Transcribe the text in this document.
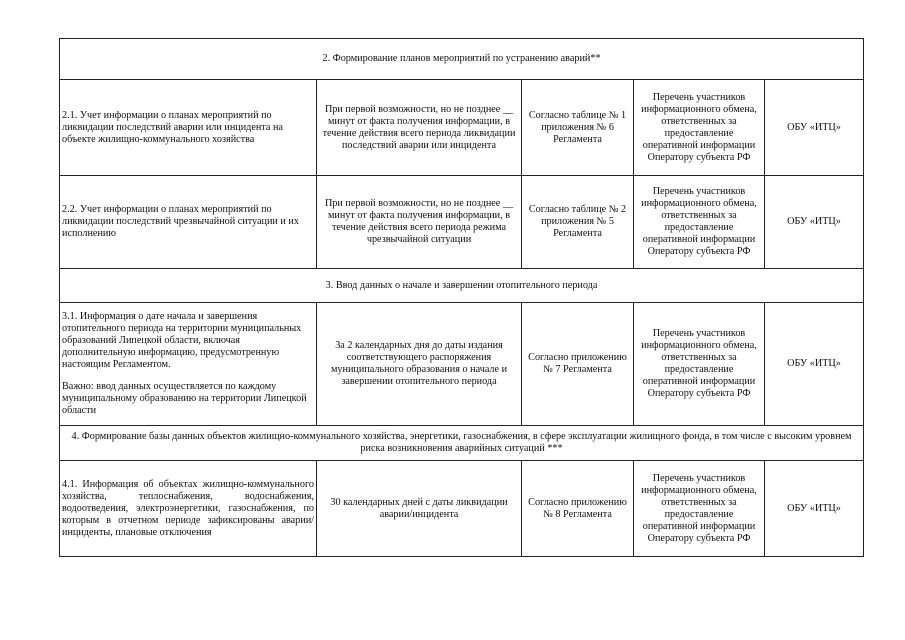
2. Формирование планов мероприятий по устранению аварий**				

2.1. Учет информации о планах мероприятий по ликвидации последствий аварии или инцидента на объекте жилищно-коммунального хозяйства	При первой возможности, но не позднее __ минут от факта получения информации, в течение действия всего периода ликвидации последствий аварии или инцидента	Согласно таблице № 1 приложения № 6 Регламента	Перечень участников информационного обмена, ответственных за предоставление оперативной информации Оператору субъекта РФ	ОБУ «ИТЦ»

2.2. Учет информации о планах мероприятий по ликвидации последствий чрезвычайной ситуации и их исполнению	При первой возможности, но не позднее __ минут от факта получения информации, в течение действия всего периода режима чрезвычайной ситуации	Согласно таблице № 2 приложения № 5 Регламента	Перечень участников информационного обмена, ответственных за предоставление оперативной информации Оператору субъекта РФ	ОБУ «ИТЦ»
3. Ввод данных о начале и завершении отопительного периода				

3.1. Информация о дате начала и завершения отопительного периода на территории муниципальных образований Липецкой области, включая дополнительную информацию, предусмотренную настоящим Регламентом.

Важно: ввод данных осуществляется по каждому муниципальному образованию на территории Липецкой области	За 2 календарных дня до даты издания соответствующего распоряжения муниципального образования о начале и завершении отопительного периода	Согласно приложению № 7 Регламента	Перечень участников информационного обмена, ответственных за предоставление оперативной информации Оператору субъекта РФ	ОБУ «ИТЦ»
4. Формирование базы данных объектов жилищно-коммунального хозяйства, энергетики, газоснабжения, в сфере эксплуатации жилищного фонда, в том числе с высоким уровнем риска возникновения аварийных ситуаций ***				

4.1. Информация об объектах жилищно-коммунального хозяйства, теплоснабжения, водоснабжения, водоотведения, электроэнергетики, газоснабжения, по которым в отчетном периоде зафиксированы аварии/инциденты, плановые отключения	30 календарных дней с даты ликвидации аварии/инцидента	Согласно приложению № 8 Регламента	Перечень участников информационного обмена, ответственных за предоставление оперативной информации Оператору субъекта РФ	ОБУ «ИТЦ»
